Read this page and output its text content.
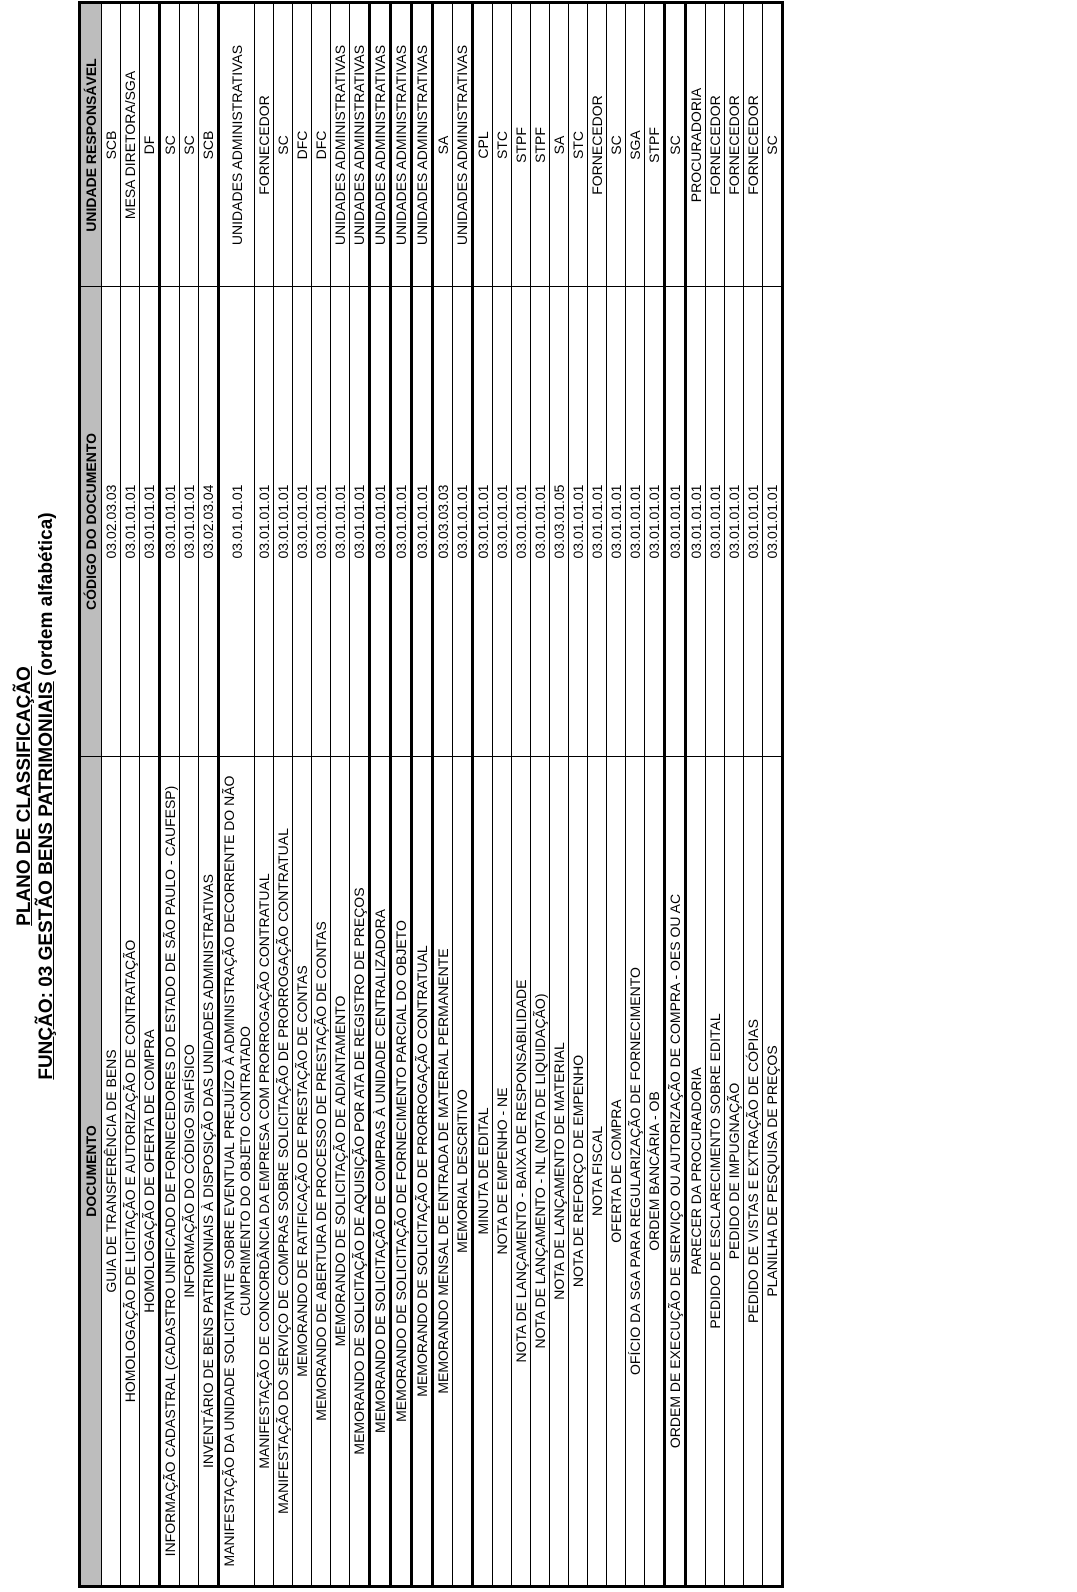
PLANO DE CLASSIFICAÇÃO FUNÇÃO: 03 GESTÃO BENS PATRIMONIAIS (ordem alfabética)
DOCUMENTO	CÓDIGO DO DOCUMENTO	UNIDADE RESPONSÁVEL
GUIA DE TRANSFERÊNCIA DE BENS	03.02.03.03	SCB
HOMOLOGAÇÃO DE LICITAÇÃO E AUTORIZAÇÃO DE CONTRATAÇÃO	03.01.01.01	MESA DIRETORA/SGA
HOMOLOGAÇÃO DE OFERTA DE COMPRA	03.01.01.01	DF
INFORMAÇÃO CADASTRAL (CADASTRO UNIFICADO DE FORNECEDORES DO ESTADO DE SÃO PAULO - CAUFESP)	03.01.01.01	SC
INFORMAÇÃO DO CÓDIGO SIAFÍSICO	03.01.01.01	SC
INVENTÁRIO DE BENS PATRIMONIAIS À DISPOSIÇÃO DAS UNIDADES ADMINISTRATIVAS	03.02.03.04	SCB
MANIFESTAÇÃO DA UNIDADE SOLICITANTE SOBRE EVENTUAL PREJUÍZO À ADMINISTRAÇÃO DECORRENTE DO NÃO CUMPRIMENTO DO OBJETO CONTRATADO	03.01.01.01	UNIDADES ADMINISTRATIVAS
MANIFESTAÇÃO DE CONCORDÂNCIA DA EMPRESA COM PRORROGAÇÃO CONTRATUAL	03.01.01.01	FORNECEDOR
MANIFESTAÇÃO DO SERVIÇO DE COMPRAS SOBRE SOLICITAÇÃO DE PRORROGAÇÃO CONTRATUAL	03.01.01.01	SC
MEMORANDO DE RATIFICAÇÃO DE PRESTAÇÃO DE CONTAS	03.01.01.01	DFC
MEMORANDO DE ABERTURA DE PROCESSO DE PRESTAÇÃO DE CONTAS	03.01.01.01	DFC
MEMORANDO DE SOLICITAÇÃO DE ADIANTAMENTO	03.01.01.01	UNIDADES ADMINISTRATIVAS
MEMORANDO DE SOLICITAÇÃO DE AQUISIÇÃO POR ATA DE REGISTRO DE PREÇOS	03.01.01.01	UNIDADES ADMINISTRATIVAS
MEMORANDO DE SOLICITAÇÃO DE COMPRAS À UNIDADE CENTRALIZADORA	03.01.01.01	UNIDADES ADMINISTRATIVAS
MEMORANDO DE SOLICITAÇÃO DE FORNECIMENTO PARCIAL DO OBJETO	03.01.01.01	UNIDADES ADMINISTRATIVAS
MEMORANDO DE SOLICITAÇÃO DE PRORROGAÇÃO CONTRATUAL	03.01.01.01	UNIDADES ADMINISTRATIVAS
MEMORANDO MENSAL DE ENTRADA DE MATERIAL PERMANENTE	03.03.03.03	SA
MEMORIAL DESCRITIVO	03.01.01.01	UNIDADES ADMINISTRATIVAS
MINUTA DE EDITAL	03.01.01.01	CPL
NOTA DE EMPENHO - NE	03.01.01.01	STC
NOTA DE LANÇAMENTO - BAIXA DE RESPONSABILIDADE	03.01.01.01	STPF
NOTA DE LANÇAMENTO - NL (NOTA DE LIQUIDAÇÃO)	03.01.01.01	STPF
NOTA DE LANÇAMENTO DE MATERIAL	03.03.01.05	SA
NOTA DE REFORÇO DE EMPENHO	03.01.01.01	STC
NOTA FISCAL	03.01.01.01	FORNECEDOR
OFERTA DE COMPRA	03.01.01.01	SC
OFÍCIO DA SGA PARA REGULARIZAÇÃO DE FORNECIMENTO	03.01.01.01	SGA
ORDEM BANCÁRIA - OB	03.01.01.01	STPF
ORDEM DE EXECUÇÃO DE SERVIÇO OU AUTORIZAÇÃO DE COMPRA - OES OU AC	03.01.01.01	SC
PARECER DA PROCURADORIA	03.01.01.01	PROCURADORIA
PEDIDO DE ESCLARECIMENTO SOBRE EDITAL	03.01.01.01	FORNECEDOR
PEDIDO DE IMPUGNAÇÃO	03.01.01.01	FORNECEDOR
PEDIDO DE VISTAS E EXTRAÇÃO DE CÓPIAS	03.01.01.01	FORNECEDOR
PLANILHA DE PESQUISA DE PREÇOS	03.01.01.01	SC
